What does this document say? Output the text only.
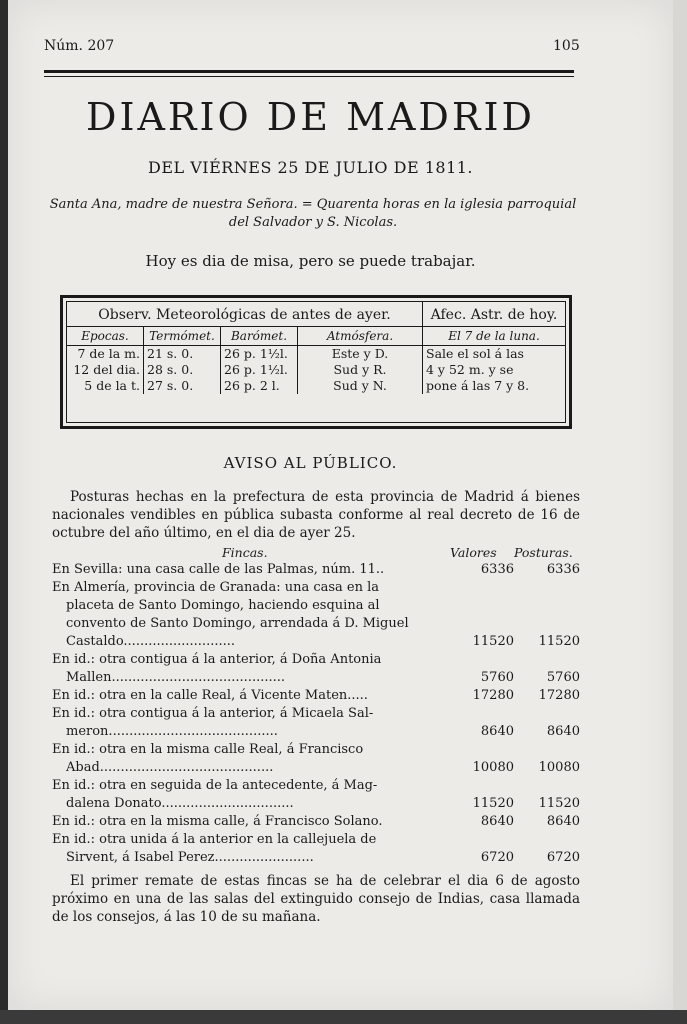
Núm. 207	105
DIARIO DE MADRID
DEL VIÉRNES 25 DE JULIO DE 1811.
Santa Ana, madre de nuestra Señora. = Quarenta horas en la iglesia parroquial del Salvador y S. Nicolas.
Hoy es dia de misa, pero se puede trabajar.
Observ. Meteorológicas de antes de ayer.				Afec. Astr. de hoy.
Epocas.	Termómet.	Barómet.	Atmósfera.	El 7 de la luna.
7 de la m.	21 s. 0.	26 p. 1½l.	Este y D.	Sale el sol á las
12 del dia.	28 s. 0.	26 p. 1½l.	Sud y R.	4 y 52 m. y se
5 de la t.	27 s. 0.	26 p. 2 l.	Sud y N.	pone á las 7 y 8.
AVISO AL PÚBLICO.
Posturas hechas en la prefectura de esta provincia de Madrid á bienes nacionales vendibles en pública subasta conforme al real decreto de 16 de octubre del año último, en el dia de ayer 25.
Fincas.	Valores Posturas.
En Sevilla: una casa calle de las Palmas, núm. 11..	6336	6336
En Almería, provincia de Granada: una casa en la
placeta de Santo Domingo, haciendo esquina al convento de Santo Domingo, arrendada á D. Miguel Castaldo...........................	11520	11520
En id.: otra contigua á la anterior, á Doña Antonia
Mallen..........................................	5760	5760
En id.: otra en la calle Real, á Vicente Maten.....	17280	17280
En id.: otra contigua á la anterior, á Micaela Sal-
meron.........................................	8640	8640
En id.: otra en la misma calle Real, á Francisco
Abad..........................................	10080	10080
En id.: otra en seguida de la antecedente, á Mag-
dalena Donato................................	11520	11520
En id.: otra en la misma calle, á Francisco Solano.	8640	8640
En id.: otra unida á la anterior en la callejuela de
Sirvent, á Isabel Perez........................	6720	6720
El primer remate de estas fincas se ha de celebrar el dia 6 de agosto próximo en una de las salas del extinguido consejo de Indias, casa llamada de los consejos, á las 10 de su mañana.
